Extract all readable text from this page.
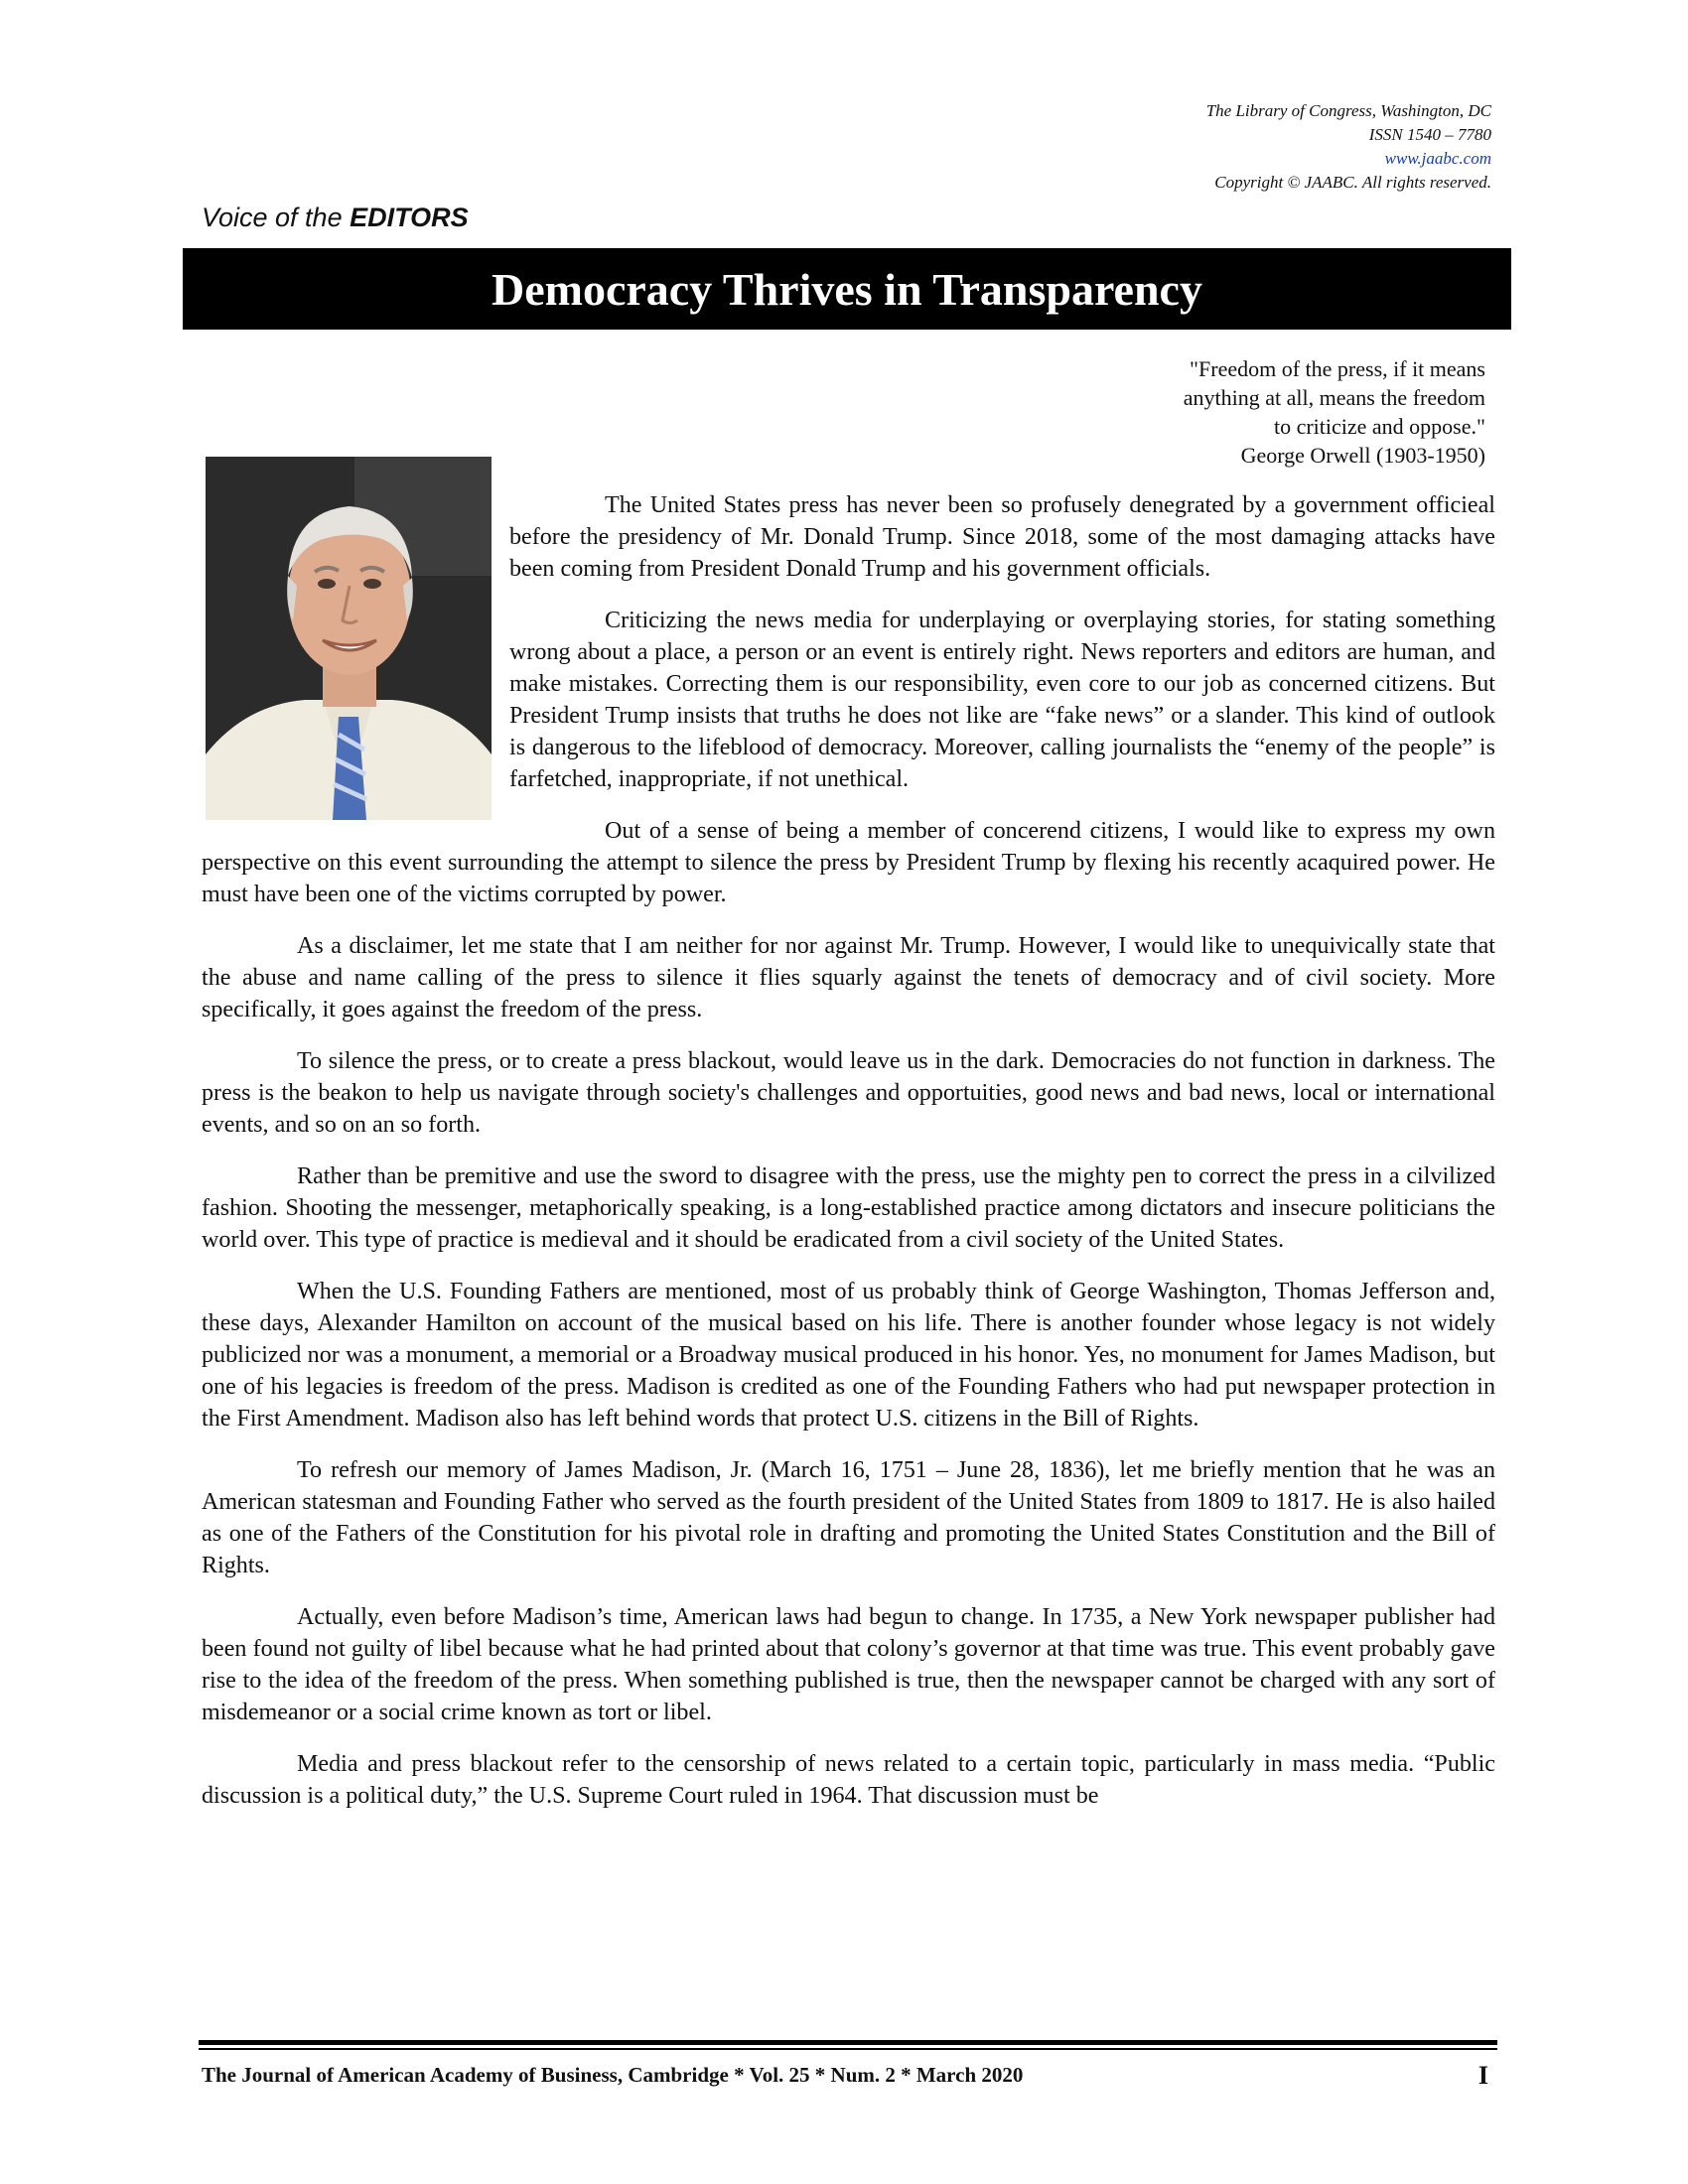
The Library of Congress, Washington, DC
ISSN 1540 – 7780
www.jaabc.com
Copyright © JAABC. All rights reserved.
Voice of the EDITORS
Democracy Thrives in Transparency
"Freedom of the press, if it means
anything at all, means the freedom
to criticize and oppose."
George Orwell (1903-1950)

The United States press has never been so profusely denegrated by a government officieal before the presidency of Mr. Donald Trump. Since 2018, some of the most damaging attacks have been coming from President Donald Trump and his government officials.

Criticizing the news media for underplaying or overplaying stories, for stating something wrong about a place, a person or an event is entirely right. News reporters and editors are human, and make mistakes. Correcting them is our responsibility, even core to our job as concerned citizens. But President Trump insists that truths he does not like are “fake news” or a slander. This kind of outlook is dangerous to the lifeblood of democracy. Moreover, calling journalists the “enemy of the people” is farfetched, inappropriate, if not unethical.

Out of a sense of being a member of concerend citizens, I would like to express my own perspective on this event surrounding the attempt to silence the press by President Trump by flexing his recently acaquired power. He must have been one of the victims corrupted by power.

As a disclaimer, let me state that I am neither for nor against Mr. Trump. However, I would like to unequivically state that the abuse and name calling of the press to silence it flies squarly against the tenets of democracy and of civil society. More specifically, it goes against the freedom of the press.

To silence the press, or to create a press blackout, would leave us in the dark. Democracies do not function in darkness. The press is the beakon to help us navigate through society's challenges and opportuities, good news and bad news, local or international events, and so on an so forth.

Rather than be premitive and use the sword to disagree with the press, use the mighty pen to correct the press in a cilvilized fashion. Shooting the messenger, metaphorically speaking, is a long-established practice among dictators and insecure politicians the world over. This type of practice is medieval and it should be eradicated from a civil society of the United States.

When the U.S. Founding Fathers are mentioned, most of us probably think of George Washington, Thomas Jefferson and, these days, Alexander Hamilton on account of the musical based on his life. There is another founder whose legacy is not widely publicized nor was a monument, a memorial or a Broadway musical produced in his honor. Yes, no monument for James Madison, but one of his legacies is freedom of the press. Madison is credited as one of the Founding Fathers who had put newspaper protection in the First Amendment. Madison also has left behind words that protect U.S. citizens in the Bill of Rights.

To refresh our memory of James Madison, Jr. (March 16, 1751 – June 28, 1836), let me briefly mention that he was an American statesman and Founding Father who served as the fourth president of the United States from 1809 to 1817. He is also hailed as one of the Fathers of the Constitution for his pivotal role in drafting and promoting the United States Constitution and the Bill of Rights.

Actually, even before Madison’s time, American laws had begun to change. In 1735, a New York newspaper publisher had been found not guilty of libel because what he had printed about that colony’s governor at that time was true. This event probably gave rise to the idea of the freedom of the press. When something published is true, then the newspaper cannot be charged with any sort of misdemeanor or a social crime known as tort or libel.

Media and press blackout refer to the censorship of news related to a certain topic, particularly in mass media. “Public discussion is a political duty,” the U.S. Supreme Court ruled in 1964. That discussion must be

The Journal of American Academy of Business, Cambridge * Vol. 25 * Num. 2 * March 2020	I
